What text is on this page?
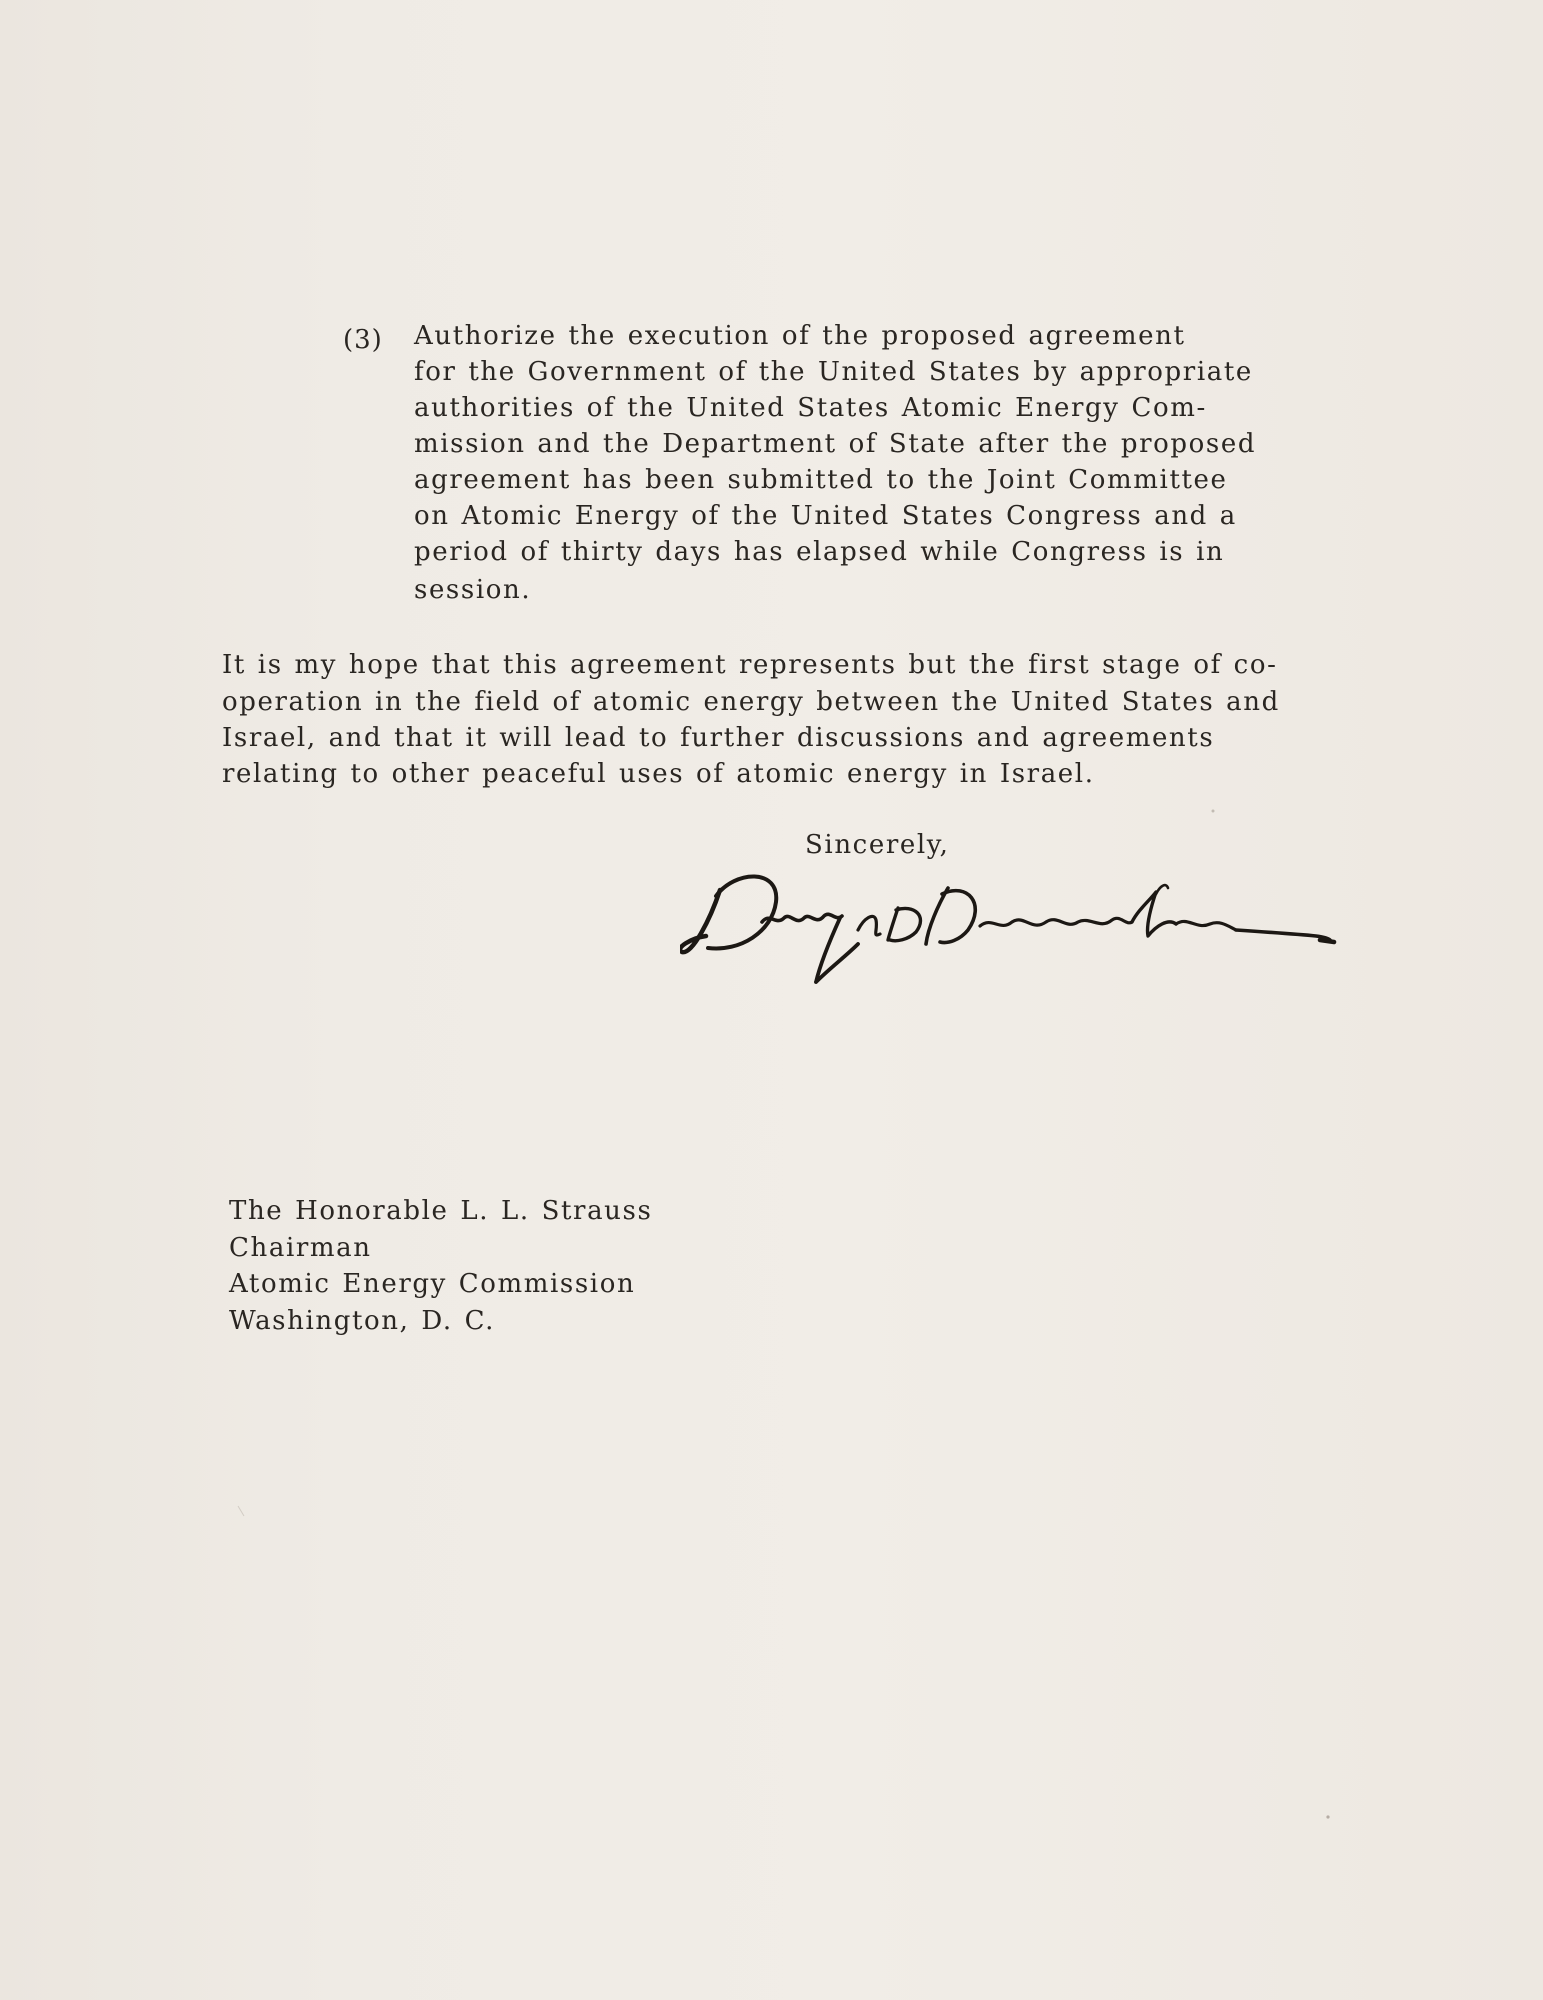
(3) Authorize the execution of the proposed agreement

for the Government of the United States by appropriate

authorities of the United States Atomic Energy Com-

mission and the Department of State after the proposed

agreement has been submitted to the Joint Committee

on Atomic Energy of the United States Congress and a

period of thirty days has elapsed while Congress is in

session.

It is my hope that this agreement represents but the first stage of co-

operation in the field of atomic energy between the United States and

Israel, and that it will lead to further discussions and agreements

relating to other peaceful uses of atomic energy in Israel.

Sincerely,

The Honorable L. L. Strauss

Chairman

Atomic Energy Commission

Washington, D. C.
